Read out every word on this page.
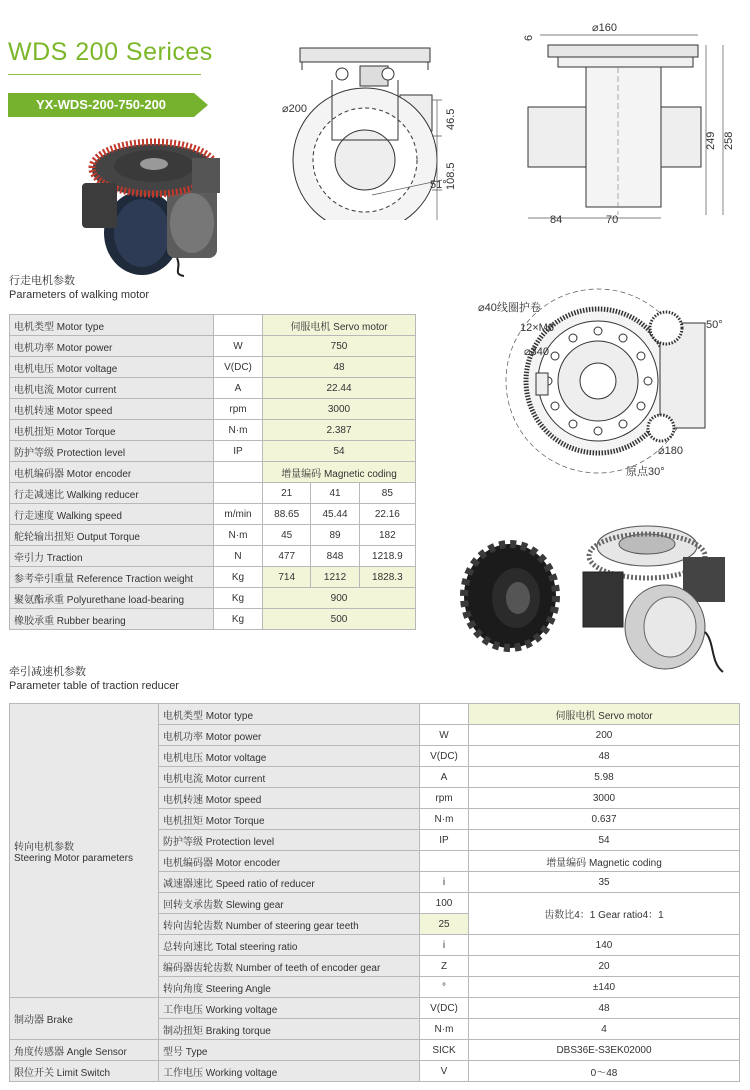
WDS 200 Serices
YX-WDS-200-750-200	⌀200	46.5
108.5
51°
6
⌀160
249 258
84	70
⌀40线圈护卷
12×M8
⌀340
50°
⌀180
原点30°
行走电机参数
Parameters of walking motor
电机类型 Motor type		伺服电机 Servo motor		
电机功率 Motor power	W	750		
电机电压 Motor voltage	V(DC)	48		
电机电流 Motor current	A	22.44		
电机转速 Motor speed	rpm	3000		
电机扭矩 Motor Torque	N·m	2.387		
防护等级 Protection level	IP	54		
电机编码器 Motor encoder		增量编码 Magnetic coding		
行走减速比 Walking reducer		21	41	85
行走速度 Walking speed	m/min	88.65	45.44	22.16
舵轮输出扭矩 Output Torque	N·m	45	89	182
牵引力 Traction	N	477	848	1218.9
参考牵引重量 Reference Traction weight	Kg	714	1212	1828.3
聚氨酯承重 Polyurethane load-bearing	Kg	900		
橡胶承重 Rubber bearing	Kg	500		
牵引减速机参数
Parameter table of traction reducer
转向电机参数
Steering Motor parameters	电机类型 Motor type		伺服电机 Servo motor
	电机功率 Motor power	W	200
	电机电压 Motor voltage	V(DC)	48
	电机电流 Motor current	A	5.98
	电机转速 Motor speed	rpm	3000
	电机扭矩 Motor Torque	N·m	0.637
	防护等级 Protection level	IP	54
	电机编码器 Motor encoder		增量编码 Magnetic coding
	减速器速比 Speed ratio of reducer	i	35
	回转支承齿数 Slewing gear	100	齿数比4：1 Gear ratio4：1
	转向齿轮齿数 Number of steering gear teeth	25	
	总转向速比 Total steering ratio	i	140
	编码器齿轮齿数 Number of teeth of encoder gear	Z	20
	转向角度 Steering Angle	°	±140
制动器 Brake	工作电压 Working voltage	V(DC)	48
	制动扭矩 Braking torque	N·m	4
角度传感器 Angle Sensor	型号 Type	SICK	DBS36E-S3EK02000
限位开关 Limit Switch	工作电压 Working voltage	V	0～48
